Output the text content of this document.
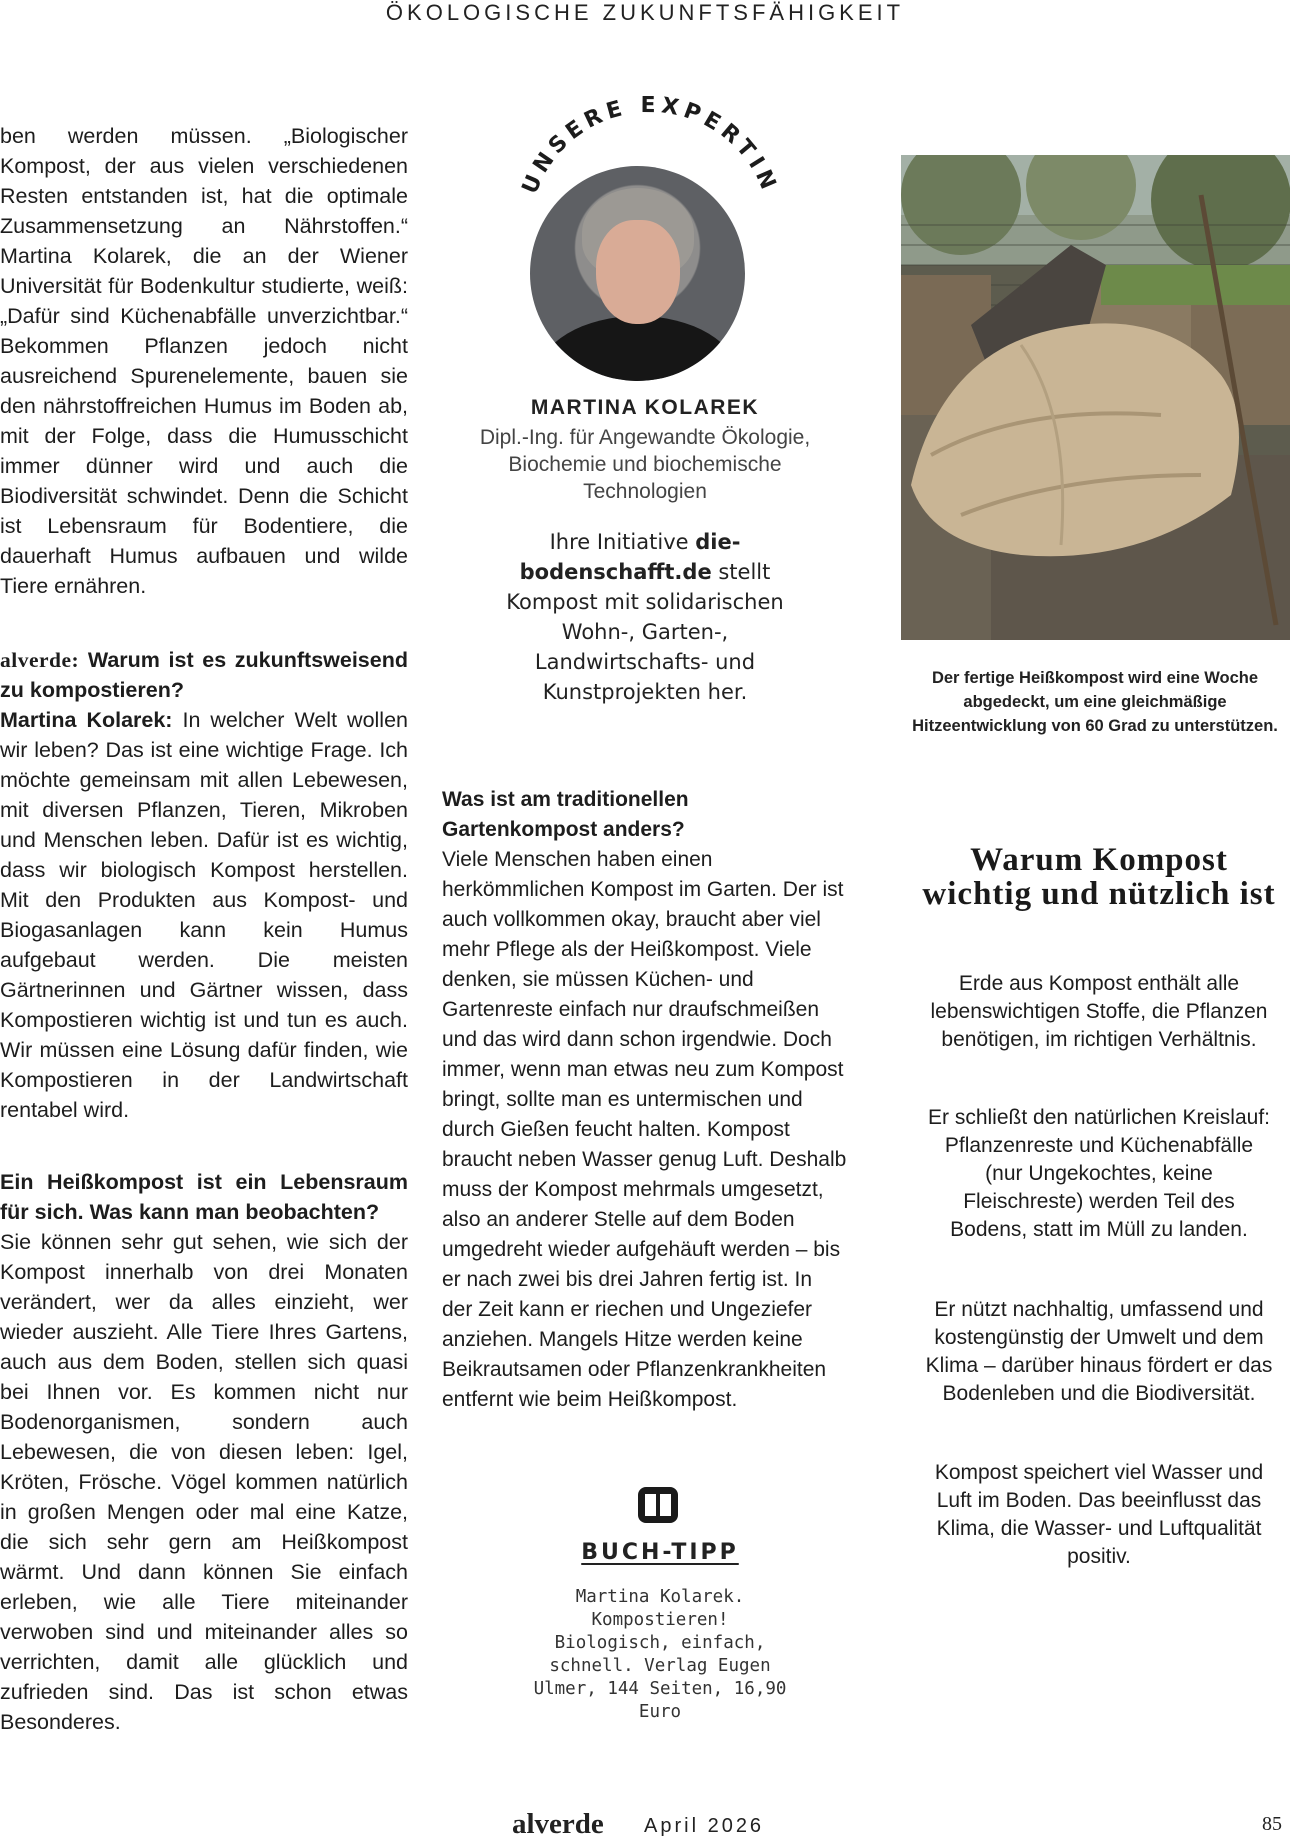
ÖKOLOGISCHE ZUKUNFTSFÄHIGKEIT

ben werden müssen. „Biologischer Kompost, der aus vielen verschiedenen Resten entstanden ist, hat die optimale Zusammensetzung an Nährstoffen.“ Martina Kolarek, die an der Wiener Universität für Bodenkultur studierte, weiß: „Dafür sind Küchenabfälle unverzichtbar.“ Bekommen Pflanzen jedoch nicht ausreichend Spurenelemente, bauen sie den nährstoffreichen Humus im Boden ab, mit der Folge, dass die Humusschicht immer dünner wird und auch die Biodiversität schwindet. Denn die Schicht ist Lebensraum für Bodentiere, die dauerhaft Humus aufbauen und wilde Tiere ernähren.

alverde: Warum ist es zukunftsweisend zu kompostieren?

Martina Kolarek: In welcher Welt wollen wir leben? Das ist eine wichtige Frage. Ich möchte gemeinsam mit allen Lebewesen, mit diversen Pflanzen, Tieren, Mikroben und Menschen leben. Dafür ist es wichtig, dass wir biologisch Kompost herstellen. Mit den Produkten aus Kompost- und Biogasanlagen kann kein Humus aufgebaut werden. Die meisten Gärtnerinnen und Gärtner wissen, dass Kompostieren wichtig ist und tun es auch. Wir müssen eine Lösung dafür finden, wie Kompostieren in der Landwirtschaft rentabel wird.

Ein Heißkompost ist ein Lebensraum für sich. Was kann man beobachten?

Sie können sehr gut sehen, wie sich der Kompost innerhalb von drei Monaten verändert, wer da alles einzieht, wer wieder auszieht. Alle Tiere Ihres Gartens, auch aus dem Boden, stellen sich quasi bei Ihnen vor. Es kommen nicht nur Bodenorganismen, sondern auch Lebewesen, die von diesen leben: Igel, Kröten, Frösche. Vögel kommen natürlich in großen Mengen oder mal eine Katze, die sich sehr gern am Heißkompost wärmt. Und dann können Sie einfach erleben, wie alle Tiere miteinander verwoben sind und miteinander alles so verrichten, damit alle glücklich und zufrieden sind. Das ist schon etwas Besonderes.

UNSERE EXPERTIN
MARTINA KOLAREK
Dipl.-Ing. für Angewandte Ökologie, Biochemie und biochemische Technologien
Ihre Initiative die-bodenschafft.de stellt Kompost mit solidarischen Wohn-, Garten-, Landwirtschafts- und Kunstprojekten her.

Was ist am traditionellen Gartenkompost anders?

Viele Menschen haben einen herkömmlichen Kompost im Garten. Der ist auch vollkommen okay, braucht aber viel mehr Pflege als der Heißkompost. Viele denken, sie müssen Küchen- und Gartenreste einfach nur draufschmeißen und das wird dann schon irgendwie. Doch immer, wenn man etwas neu zum Kompost bringt, sollte man es untermischen und durch Gießen feucht halten. Kompost braucht neben Wasser genug Luft. Deshalb muss der Kompost mehrmals umgesetzt, also an anderer Stelle auf dem Boden umgedreht wieder aufgehäuft werden – bis er nach zwei bis drei Jahren fertig ist. In der Zeit kann er riechen und Ungeziefer anziehen. Mangels Hitze werden keine Beikrautsamen oder Pflanzenkrankheiten entfernt wie beim Heißkompost.

BUCH-TIPP
Martina Kolarek. Kompostieren! Biologisch, einfach, schnell. Verlag Eugen Ulmer, 144 Seiten, 16,90 Euro
Der fertige Heißkompost wird eine Woche abgedeckt, um eine gleichmäßige Hitzeentwicklung von 60 Grad zu unterstützen.
Warum Kompost wichtig und nützlich ist
Erde aus Kompost enthält alle lebenswichtigen Stoffe, die Pflanzen benötigen, im richtigen Verhältnis.
Er schließt den natürlichen Kreislauf: Pflanzenreste und Küchenabfälle (nur Ungekochtes, keine Fleischreste) werden Teil des Bodens, statt im Müll zu landen.
Er nützt nachhaltig, umfassend und kostengünstig der Umwelt und dem Klima – darüber hinaus fördert er das Bodenleben und die Biodiversität.
Kompost speichert viel Wasser und Luft im Boden. Das beeinflusst das Klima, die Wasser- und Luftqualität positiv.
alverde April 2026	85
